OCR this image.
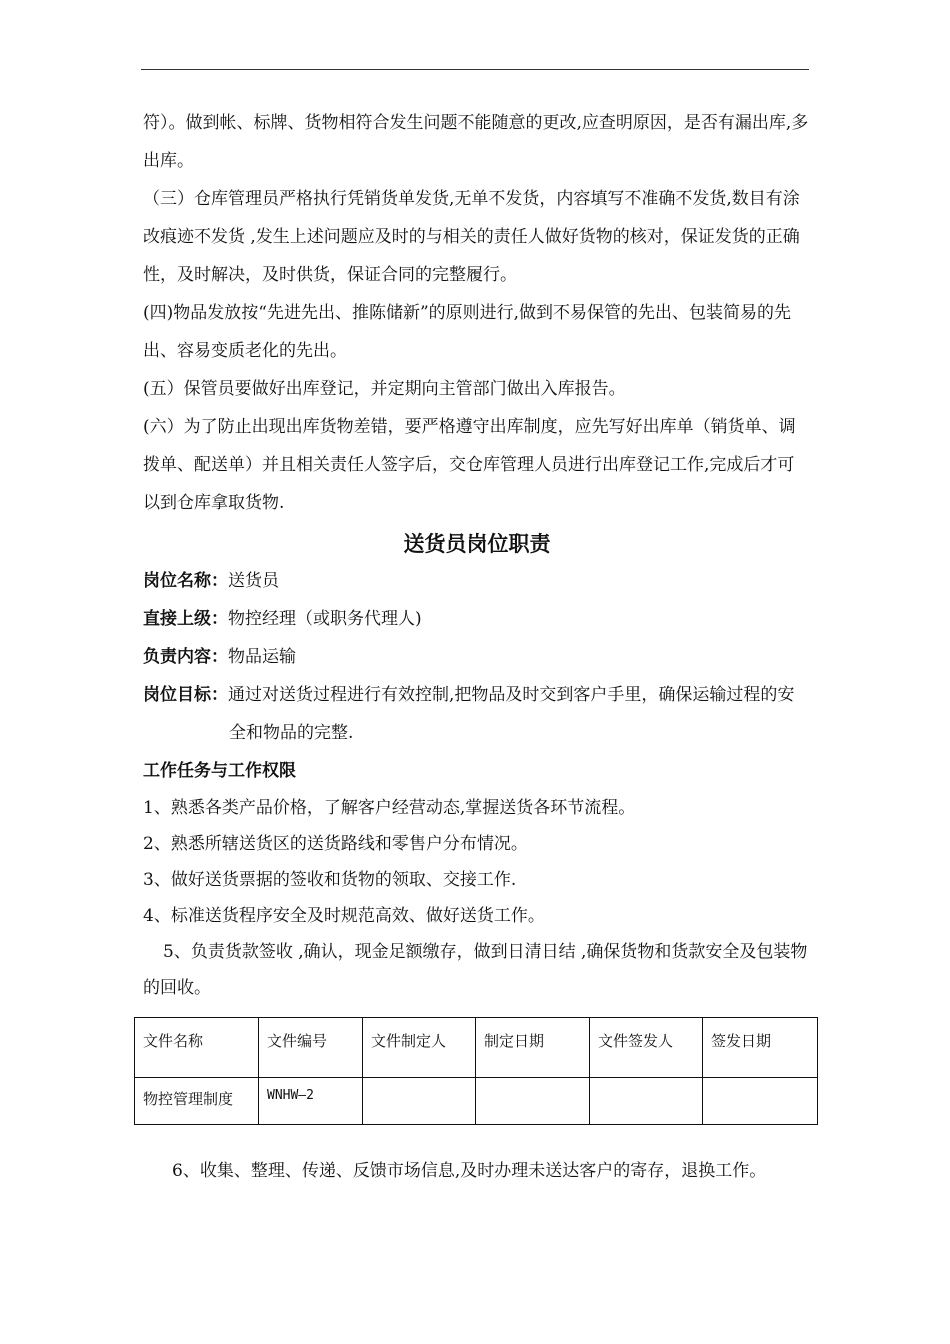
符）。做到帐、标牌、货物相符合发生问题不能随意的更改,应查明原因，是否有漏出库,多出库。

（三）仓库管理员严格执行凭销货单发货,无单不发货，内容填写不准确不发货,数目有涂改痕迹不发货 ,发生上述问题应及时的与相关的责任人做好货物的核对，保证发货的正确性，及时解决，及时供货，保证合同的完整履行。

(四)物品发放按“先进先出、推陈储新”的原则进行,做到不易保管的先出、包装简易的先出、容易变质老化的先出。

(五）保管员要做好出库登记，并定期向主管部门做出入库报告。

(六）为了防止出现出库货物差错，要严格遵守出库制度，应先写好出库单（销货单、调拨单、配送单）并且相关责任人签字后，交仓库管理人员进行出库登记工作,完成后才可以到仓库拿取货物.

送货员岗位职责

岗位名称：送货员

直接上级：物控经理（或职务代理人)

负责内容：物品运输

岗位目标：通过对送货过程进行有效控制,把物品及时交到客户手里，确保运输过程的安全和物品的完整.

工作任务与工作权限

1、熟悉各类产品价格，了解客户经营动态,掌握送货各环节流程。

2、熟悉所辖送货区的送货路线和零售户分布情况。

3、做好送货票据的签收和货物的领取、交接工作.

4、标准送货程序安全及时规范高效、做好送货工作。

5、负责货款签收 ,确认，现金足额缴存，做到日清日结 ,确保货物和货款安全及包装物的回收。

文件名称	文件编号	文件制定人	制定日期	文件签发人	签发日期
物控管理制度	WNHW—2				

6、收集、整理、传递、反馈市场信息,及时办理未送达客户的寄存，退换工作。
